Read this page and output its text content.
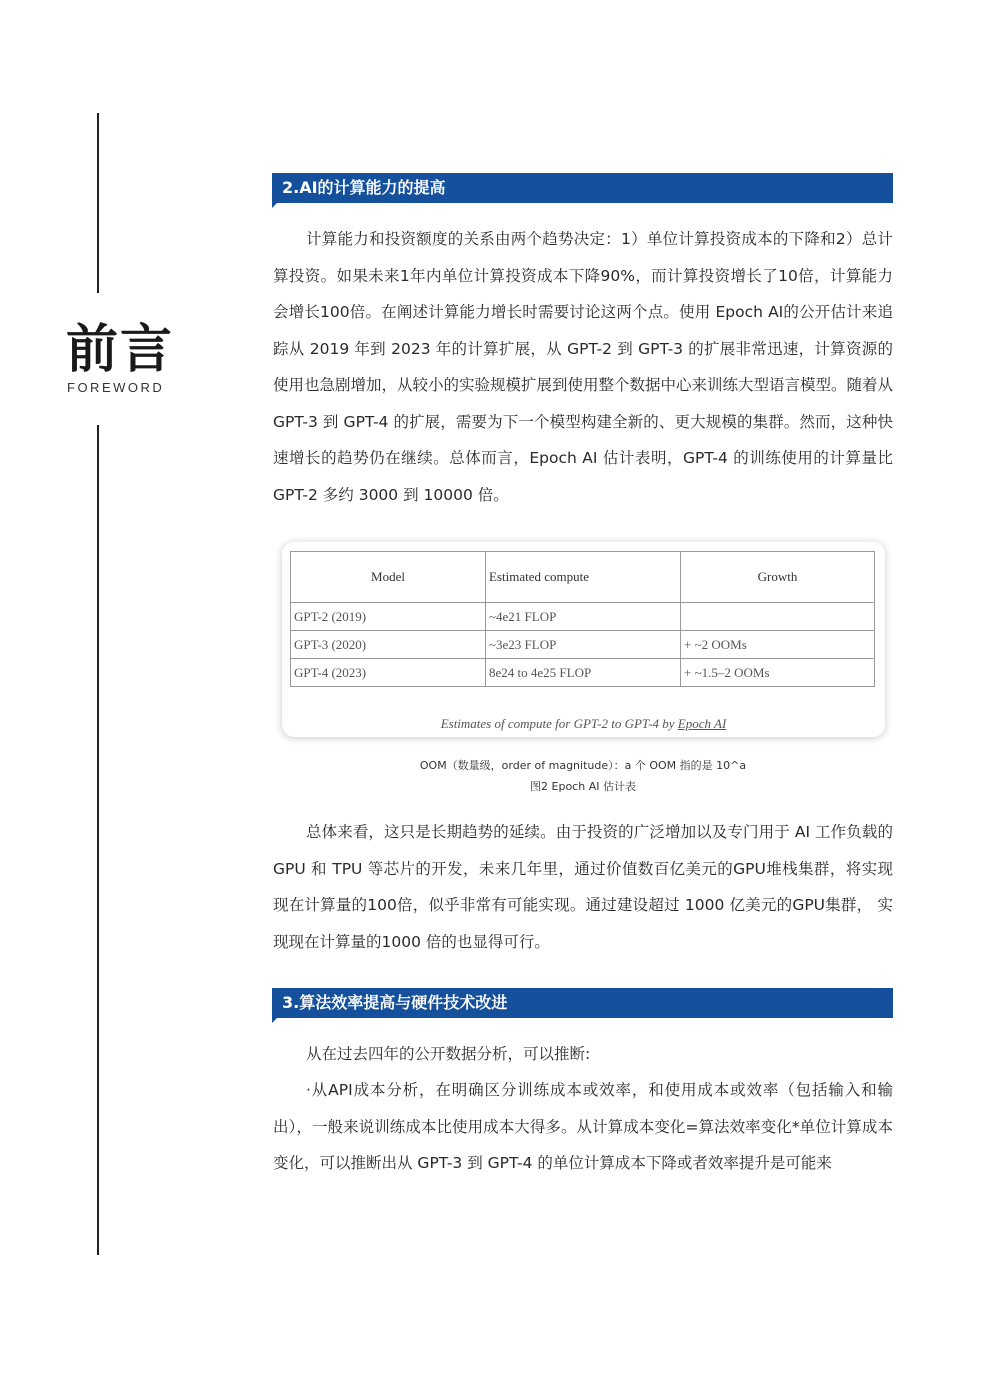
前言
FOREWORD
2.AI的计算能力的提高

计算能力和投资额度的关系由两个趋势决定：1）单位计算投资成本的下降和2）总计算投资。如果未来1年内单位计算投资成本下降90%，而计算投资增长了10倍，计算能力会增长100倍。在阐述计算能力增长时需要讨论这两个点。使用 Epoch AI的公开估计来追踪从 2019 年到 2023 年的计算扩展，从 GPT-2 到 GPT-3 的扩展非常迅速，计算资源的使用也急剧增加，从较小的实验规模扩展到使用整个数据中心来训练大型语言模型。随着从 GPT-3 到 GPT-4 的扩展，需要为下一个模型构建全新的、更大规模的集群。然而，这种快速增长的趋势仍在继续。总体而言，Epoch AI 估计表明，GPT-4 的训练使用的计算量比 GPT-2 多约 3000 到 10000 倍。

Model	Estimated compute	Growth
GPT-2 (2019)	~4e21 FLOP	
GPT-3 (2020)	~3e23 FLOP	+ ~2 OOMs
GPT-4 (2023)	8e24 to 4e25 FLOP	+ ~1.5–2 OOMs
Estimates of compute for GPT-2 to GPT-4 by Epoch AI
OOM（数量级，order of magnitude）：a 个 OOM 指的是 10^a
图2 Epoch AI 估计表

总体来看，这只是长期趋势的延续。由于投资的广泛增加以及专门用于 AI 工作负载的 GPU 和 TPU 等芯片的开发，未来几年里，通过价值数百亿美元的GPU堆栈集群，将实现现在计算量的100倍，似乎非常有可能实现。通过建设超过 1000 亿美元的GPU集群， 实现现在计算量的1000 倍的也显得可行。

3.算法效率提高与硬件技术改进

从在过去四年的公开数据分析，可以推断:

·从API成本分析，在明确区分训练成本或效率，和使用成本或效率（包括输入和输出），一般来说训练成本比使用成本大得多。从计算成本变化=算法效率变化*单位计算成本变化，可以推断出从 GPT-3 到 GPT-4 的单位计算成本下降或者效率提升是可能来
